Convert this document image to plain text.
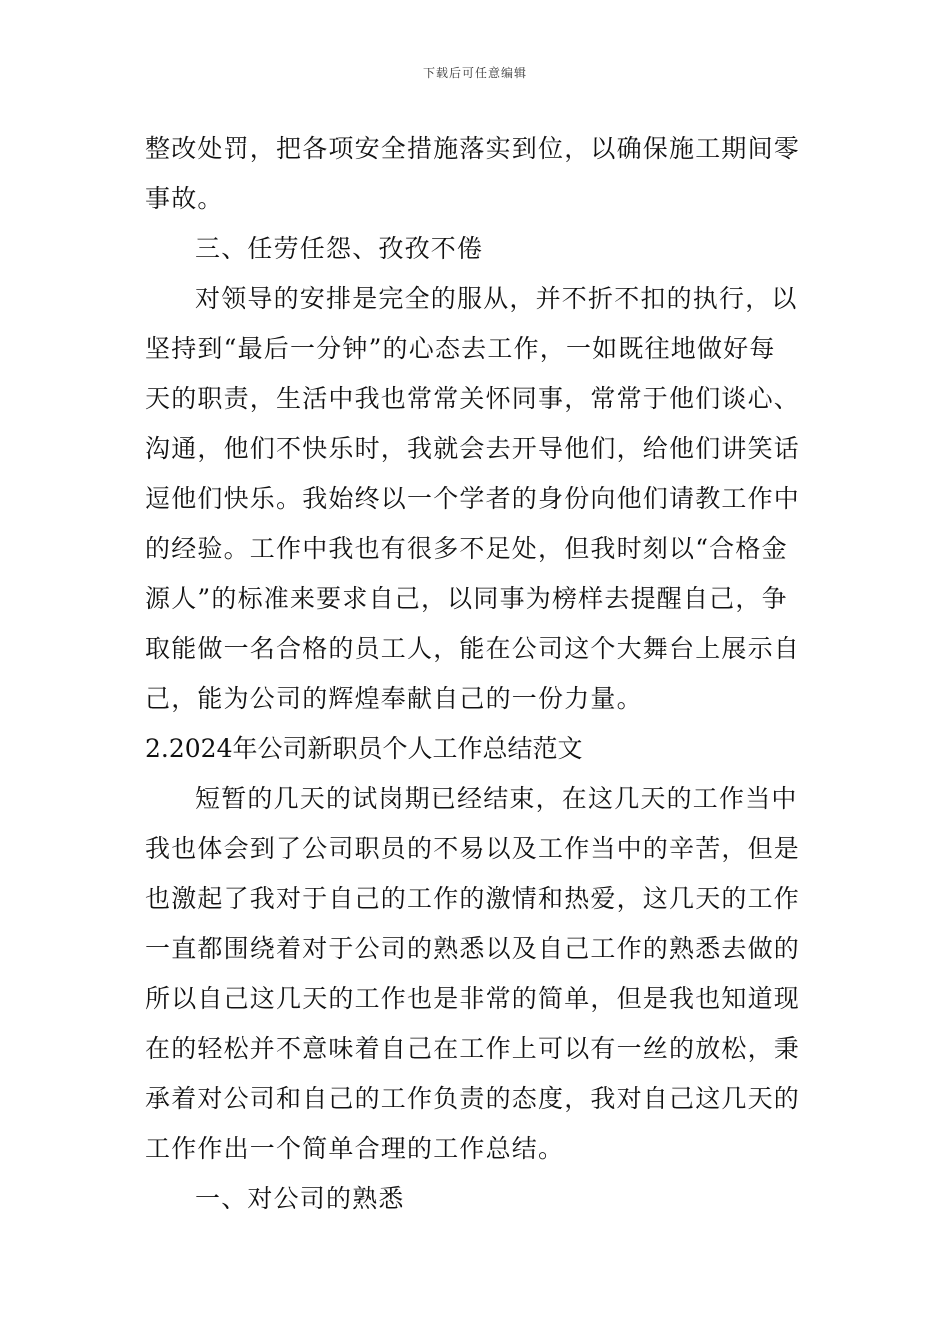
下载后可任意编辑
整改处罚，把各项安全措施落实到位，以确保施工期间零
事故。
三、任劳任怨、孜孜不倦
对领导的安排是完全的服从，并不折不扣的执行，以
坚持到“最后一分钟”的心态去工作，一如既往地做好每
天的职责，生活中我也常常关怀同事，常常于他们谈心、
沟通，他们不快乐时，我就会去开导他们，给他们讲笑话
逗他们快乐。我始终以一个学者的身份向他们请教工作中
的经验。工作中我也有很多不足处，但我时刻以“合格金
源人”的标准来要求自己，以同事为榜样去提醒自己，争
取能做一名合格的员工人，能在公司这个大舞台上展示自
己，能为公司的辉煌奉献自己的一份力量。
2.2024年公司新职员个人工作总结范文
短暂的几天的试岗期已经结束，在这几天的工作当中
我也体会到了公司职员的不易以及工作当中的辛苦，但是
也激起了我对于自己的工作的激情和热爱，这几天的工作
一直都围绕着对于公司的熟悉以及自己工作的熟悉去做的
所以自己这几天的工作也是非常的简单，但是我也知道现
在的轻松并不意味着自己在工作上可以有一丝的放松，秉
承着对公司和自己的工作负责的态度，我对自己这几天的
工作作出一个简单合理的工作总结。
一、对公司的熟悉
